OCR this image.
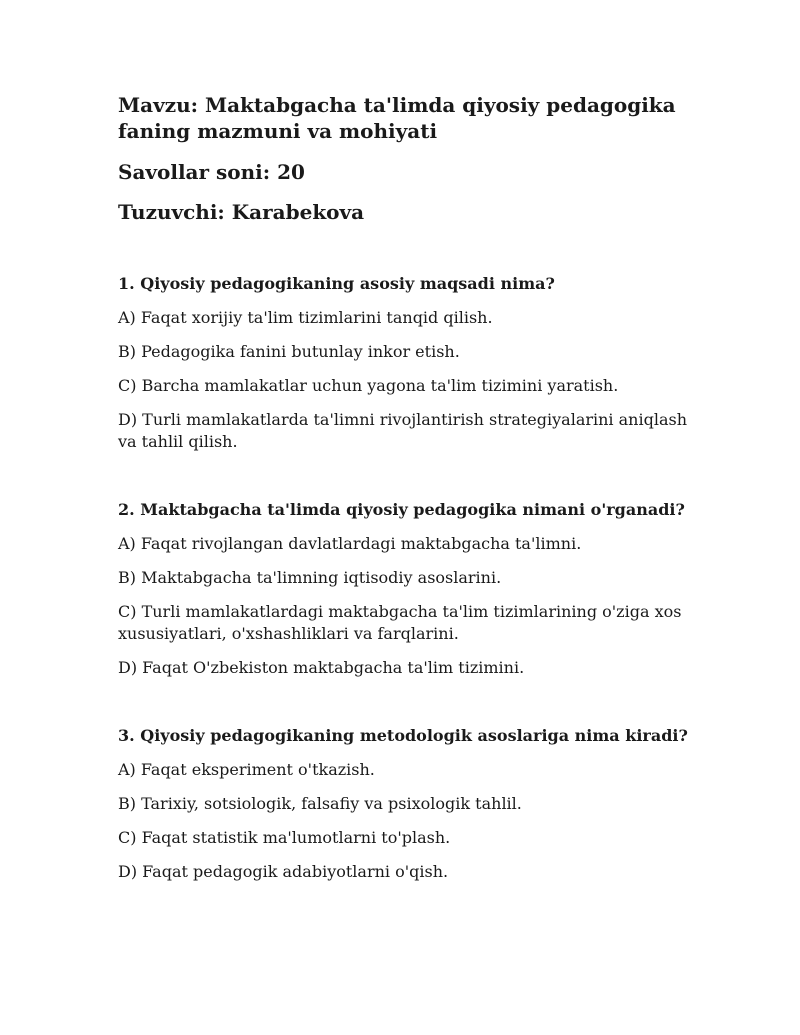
Mavzu: Maktabgacha ta'limda qiyosiy pedagogika faning mazmuni va mohiyati

Savollar soni: 20

Tuzuvchi: Karabekova

1. Qiyosiy pedagogikaning asosiy maqsadi nima?

A) Faqat xorijiy ta'lim tizimlarini tanqid qilish.

B) Pedagogika fanini butunlay inkor etish.

C) Barcha mamlakatlar uchun yagona ta'lim tizimini yaratish.

D) Turli mamlakatlarda ta'limni rivojlantirish strategiyalarini aniqlash va tahlil qilish.

2. Maktabgacha ta'limda qiyosiy pedagogika nimani o'rganadi?

A) Faqat rivojlangan davlatlardagi maktabgacha ta'limni.

B) Maktabgacha ta'limning iqtisodiy asoslarini.

C) Turli mamlakatlardagi maktabgacha ta'lim tizimlarining o'ziga xos xususiyatlari, o'xshashliklari va farqlarini.

D) Faqat O'zbekiston maktabgacha ta'lim tizimini.

3. Qiyosiy pedagogikaning metodologik asoslariga nima kiradi?

A) Faqat eksperiment o'tkazish.

B) Tarixiy, sotsiologik, falsafiy va psixologik tahlil.

C) Faqat statistik ma'lumotlarni to'plash.

D) Faqat pedagogik adabiyotlarni o'qish.
